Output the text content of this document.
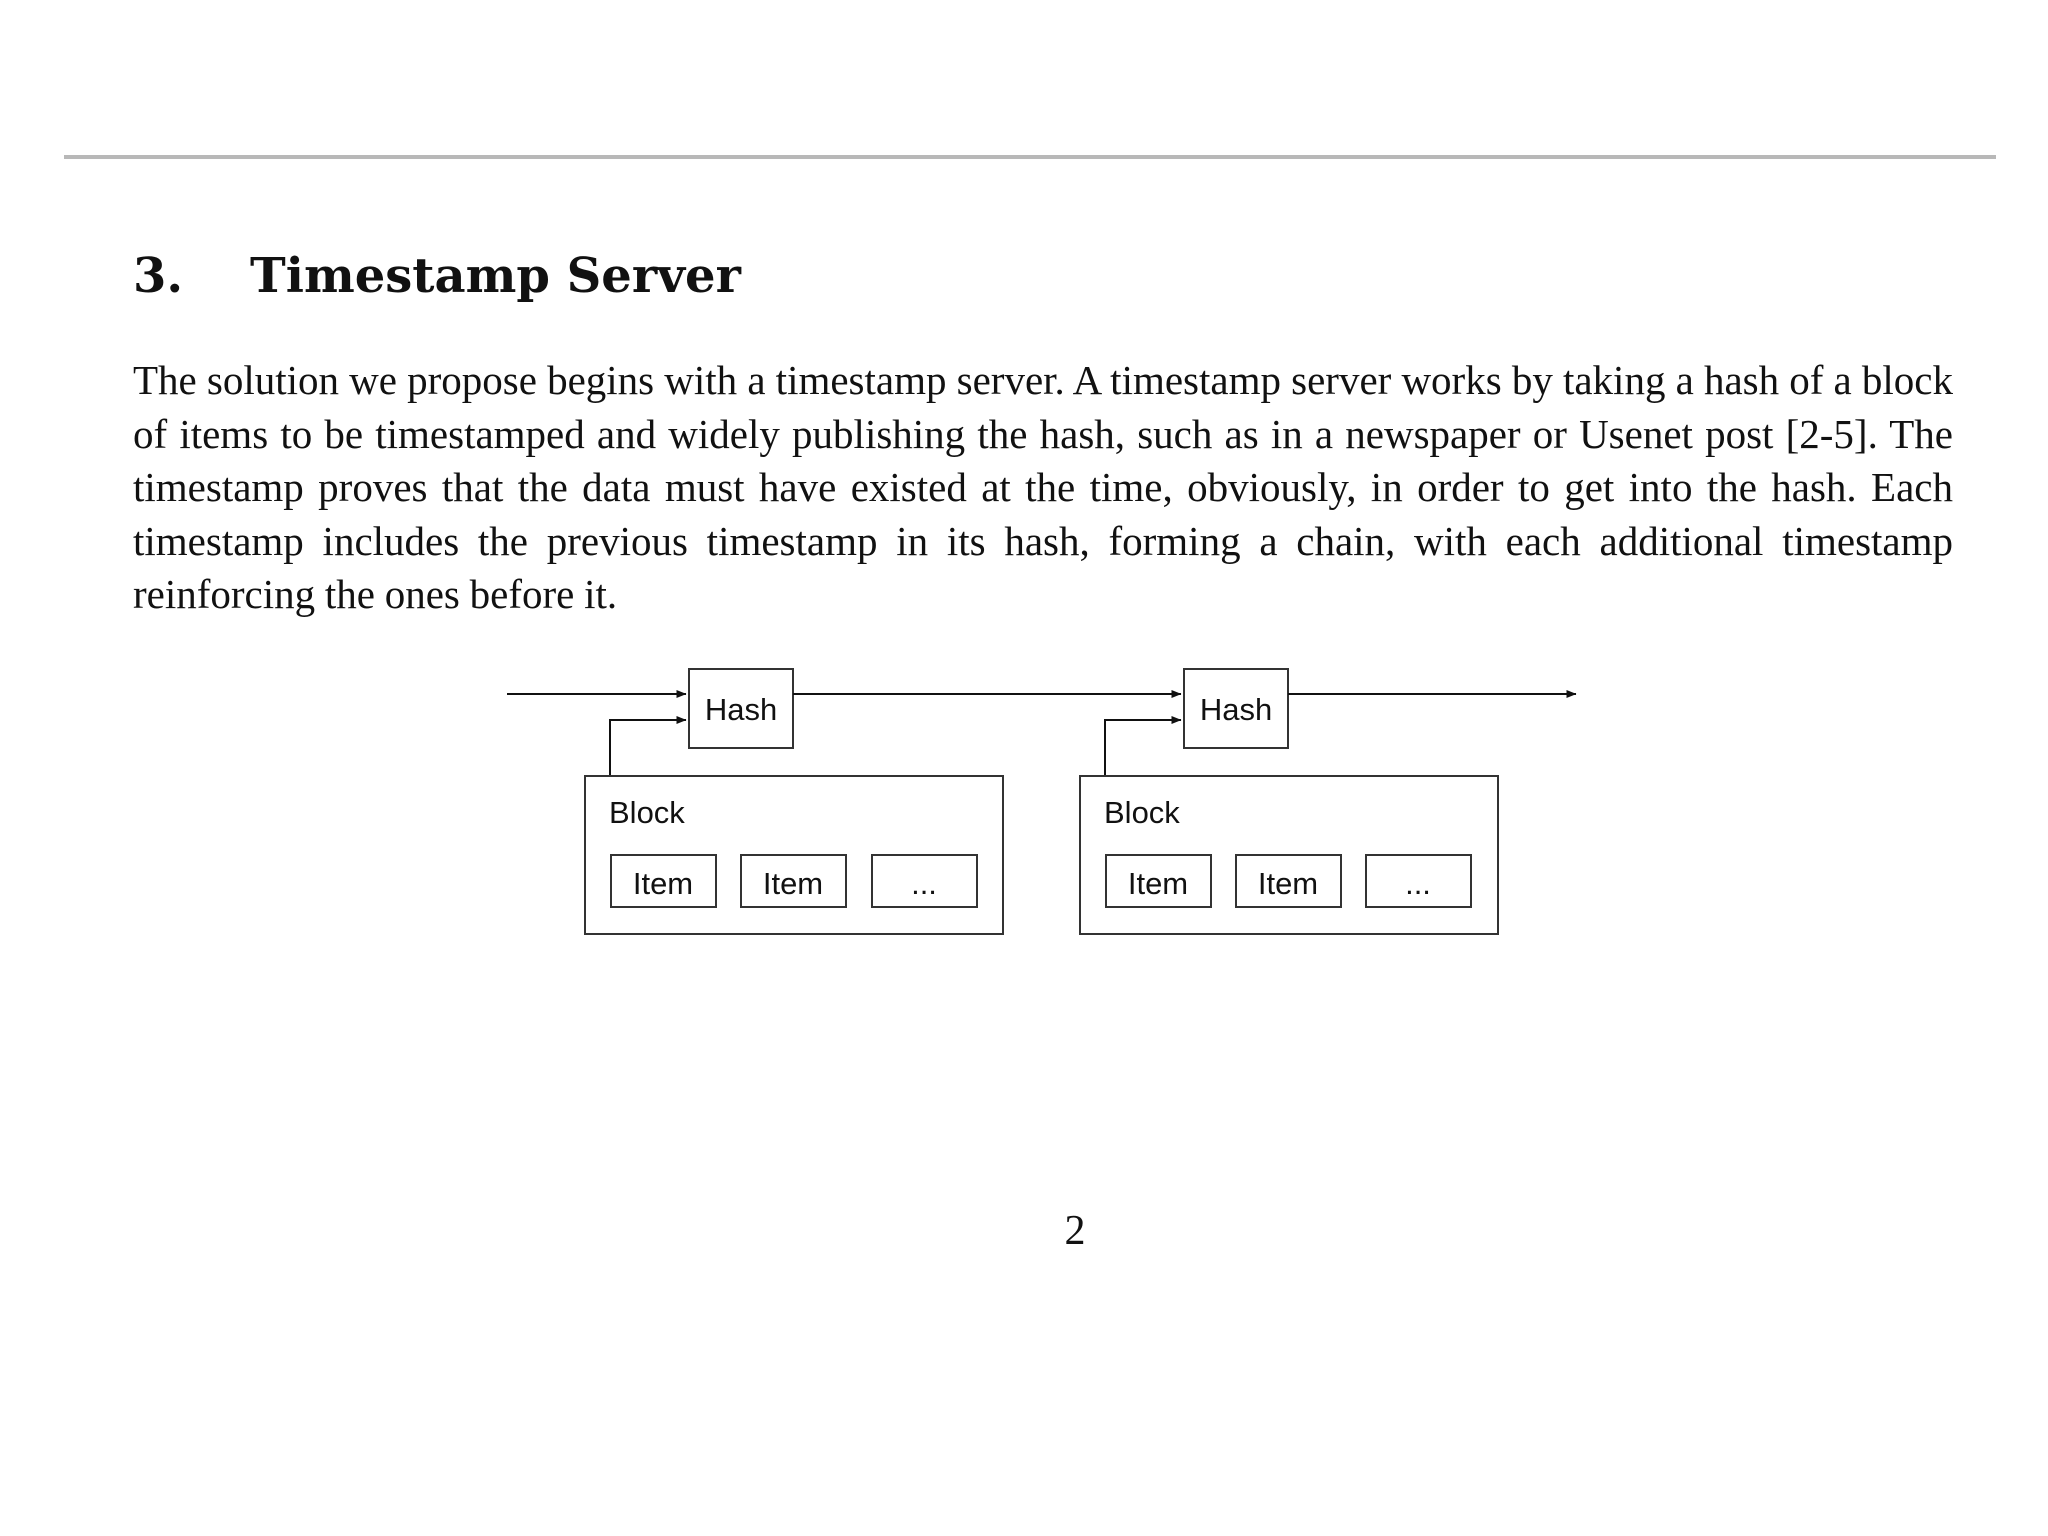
3. Timestamp Server

The solution we propose begins with a timestamp server. A timestamp server works by taking a hash of a block of items to be timestamped and widely publishing the hash, such as in a newspaper or Usenet post [2-5]. The timestamp proves that the data must have existed at the time, obviously, in order to get into the hash. Each timestamp includes the previous timestamp in its hash, forming a chain, with each additional timestamp reinforcing the ones before it.

Hash
Block
Item Item	...
Hash
Block
Item Item	...
2
